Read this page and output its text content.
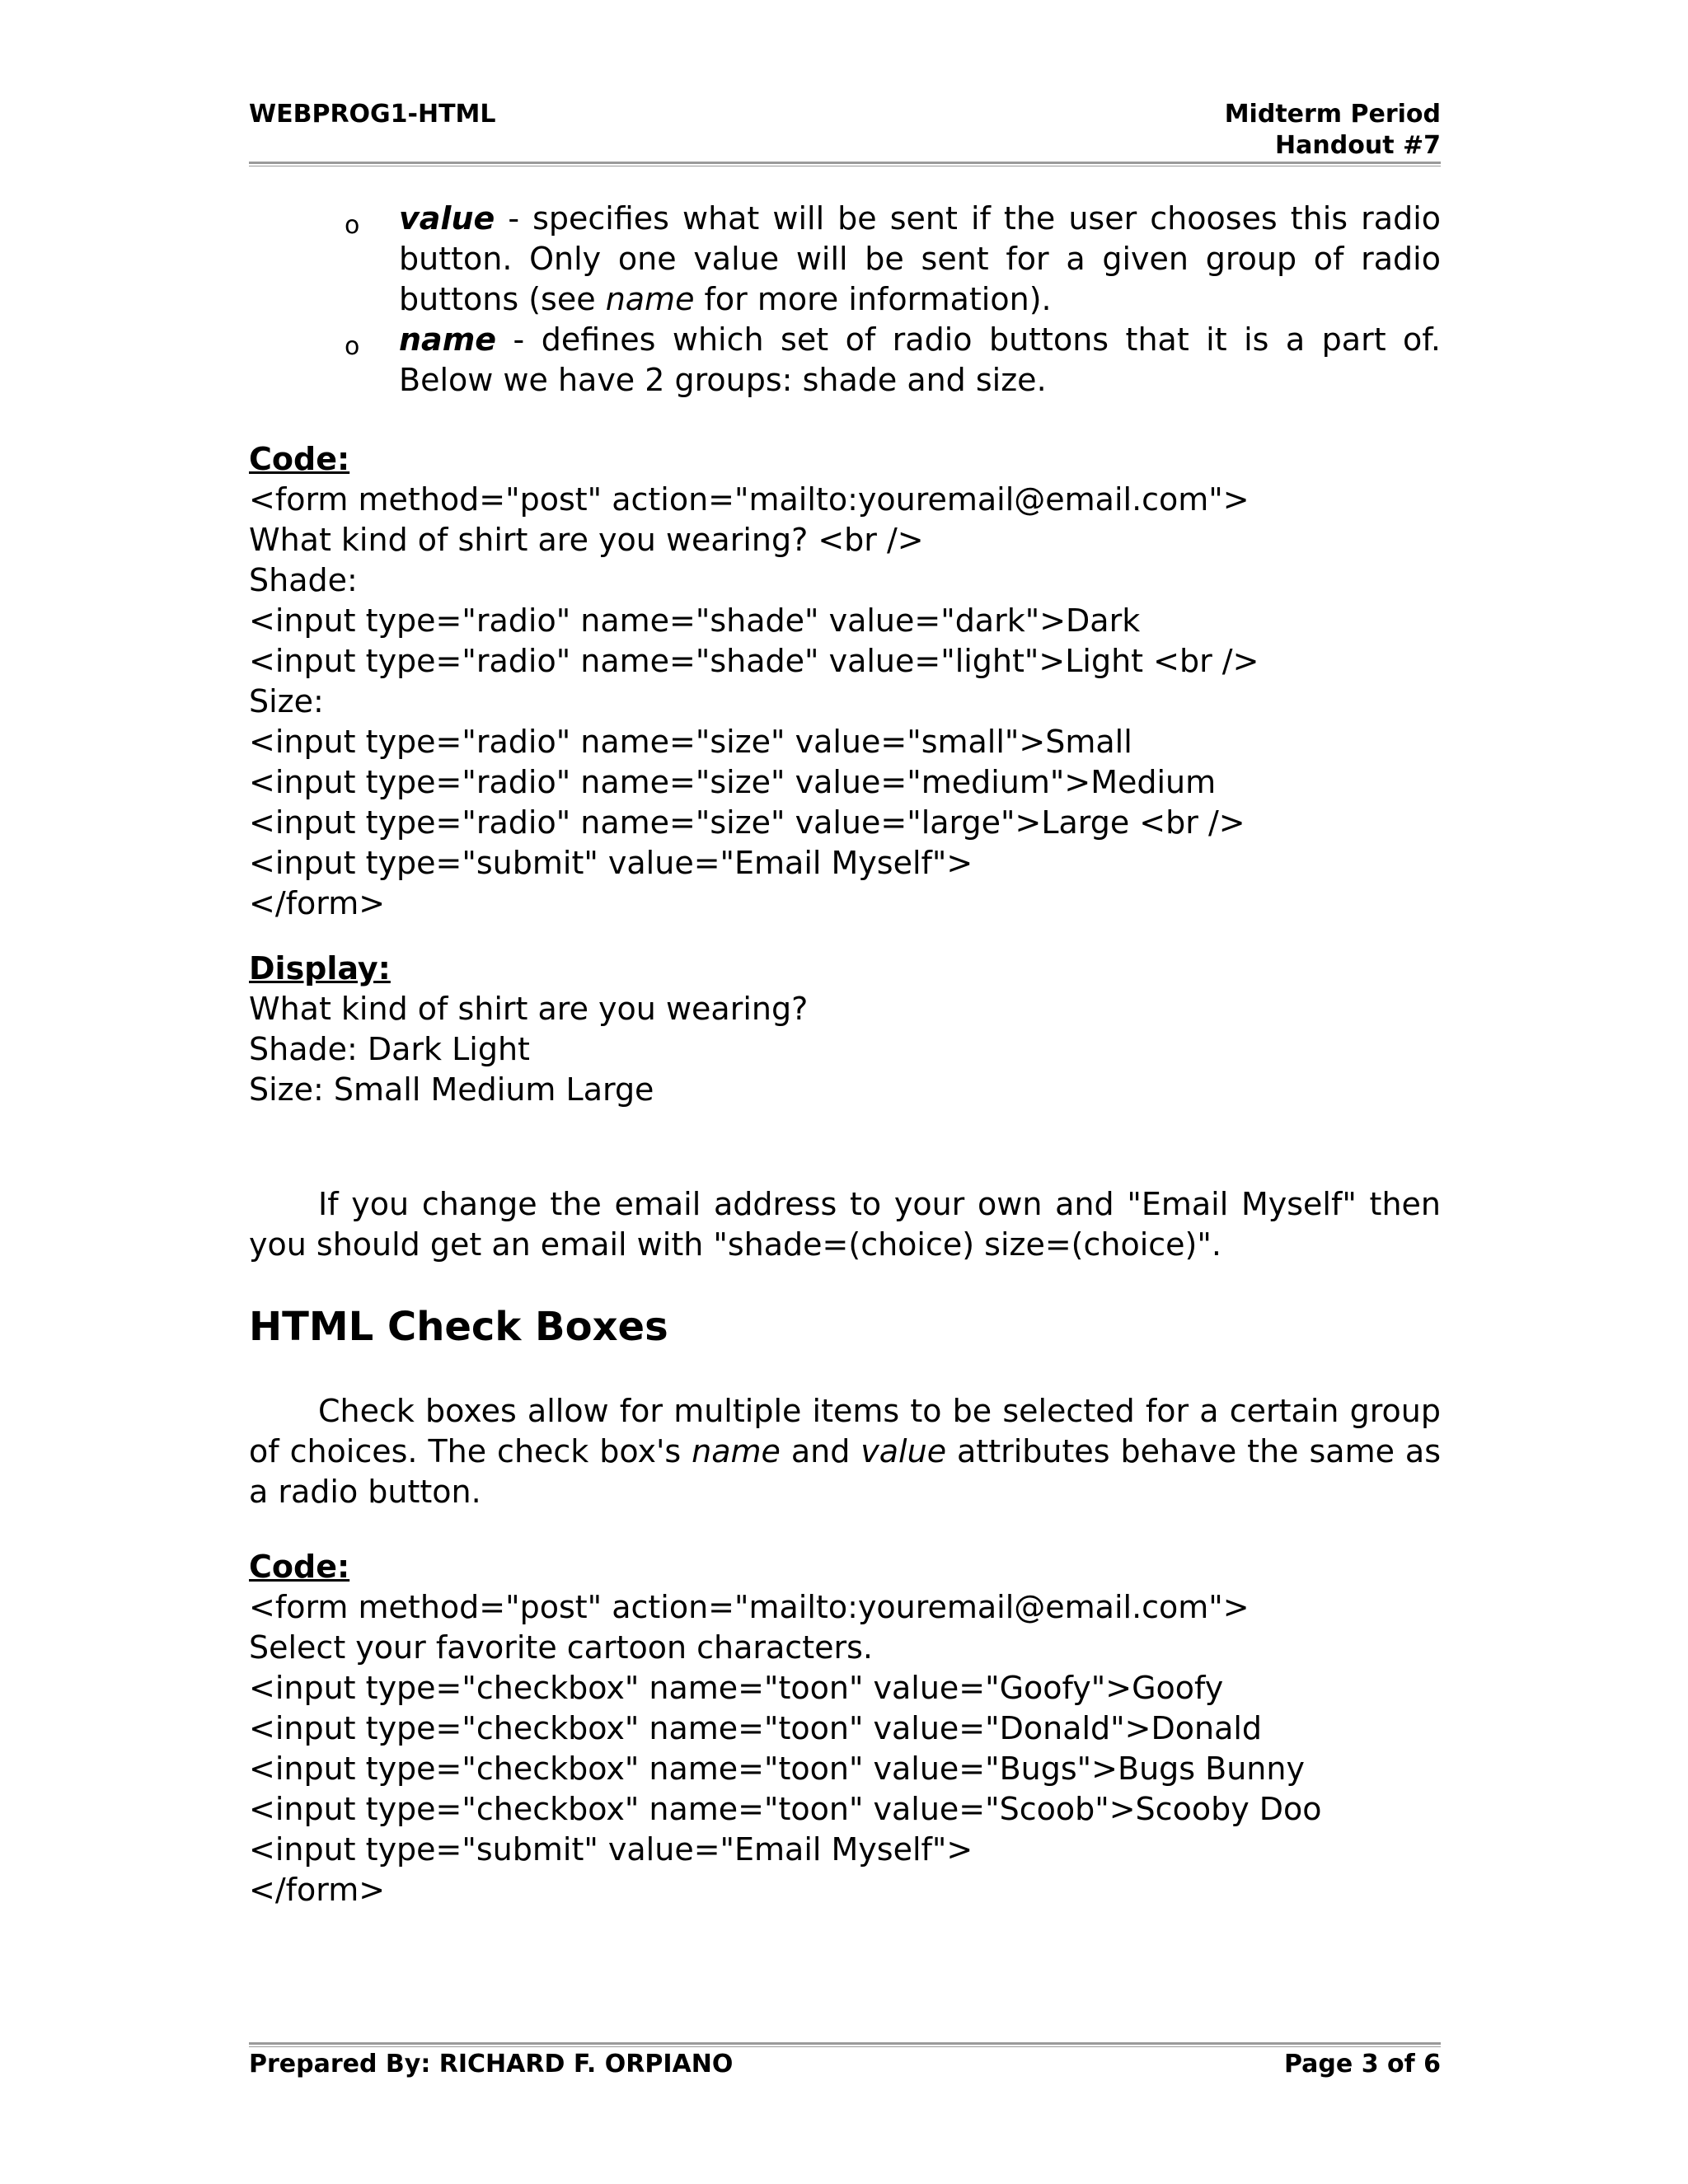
WEBPROG1-HTML	Midterm Period
Handout #7
o value - specifies what will be sent if the user chooses this radio button. Only one value will be sent for a given group of radio buttons (see name for more information).
o name - defines which set of radio buttons that it is a part of. Below we have 2 groups: shade and size.
Code:
<form method="post" action="mailto:youremail@email.com">
What kind of shirt are you wearing? <br />
Shade:
<input type="radio" name="shade" value="dark">Dark
<input type="radio" name="shade" value="light">Light <br />
Size:
<input type="radio" name="size" value="small">Small
<input type="radio" name="size" value="medium">Medium
<input type="radio" name="size" value="large">Large <br />
<input type="submit" value="Email Myself">
</form>
Display:
What kind of shirt are you wearing?
Shade: Dark Light
Size: Small Medium Large
If you change the email address to your own and "Email Myself" then you should get an email with "shade=(choice) size=(choice)".
HTML Check Boxes
Check boxes allow for multiple items to be selected for a certain group of choices. The check box's name and value attributes behave the same as a radio button.
Code:
<form method="post" action="mailto:youremail@email.com">
Select your favorite cartoon characters.
<input type="checkbox" name="toon" value="Goofy">Goofy
<input type="checkbox" name="toon" value="Donald">Donald
<input type="checkbox" name="toon" value="Bugs">Bugs Bunny
<input type="checkbox" name="toon" value="Scoob">Scooby Doo
<input type="submit" value="Email Myself">
</form>
Prepared By: RICHARD F. ORPIANO	Page 3 of 6
